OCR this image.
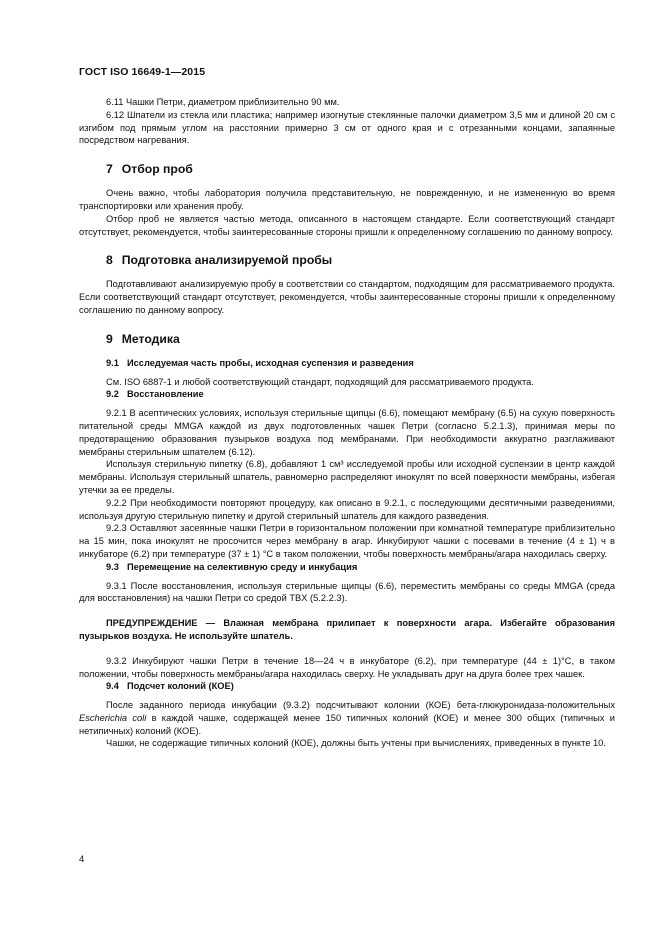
ГОСТ ISO 16649-1—2015

6.11 Чашки Петри, диаметром приблизительно 90 мм.

6.12 Шпатели из стекла или пластика; например изогнутые стеклянные палочки диаметром 3,5 мм и длиной 20 см с изгибом под прямым углом на расстоянии примерно 3 см от одного края и с отрезанными концами, запаянные посредством нагревания.

7 Отбор проб

Очень важно, чтобы лаборатория получила представительную, не поврежденную, и не измененную во время транспортировки или хранения пробу.

Отбор проб не является частью метода, описанного в настоящем стандарте. Если соответствующий стандарт отсутствует, рекомендуется, чтобы заинтересованные стороны пришли к определенному соглашению по данному вопросу.

8 Подготовка анализируемой пробы

Подготавливают анализируемую пробу в соответствии со стандартом, подходящим для рассматриваемого продукта. Если соответствующий стандарт отсутствует, рекомендуется, чтобы заинтересованные стороны пришли к определенному соглашению по данному вопросу.

9 Методика

9.1 Исследуемая часть пробы, исходная суспензия и разведения

См. ISO 6887-1 и любой соответствующий стандарт, подходящий для рассматриваемого продукта.

9.2 Восстановление

9.2.1 В асептических условиях, используя стерильные щипцы (6.6), помещают мембрану (6.5) на сухую поверхность питательной среды MMGA каждой из двух подготовленных чашек Петри (согласно 5.2.1.3), принимая меры по предотвращению образования пузырьков воздуха под мембранами. При необходимости аккуратно разглаживают мембраны стерильным шпателем (6.12).

Используя стерильную пипетку (6.8), добавляют 1 см³ исследуемой пробы или исходной суспензии в центр каждой мембраны. Используя стерильный шпатель, равномерно распределяют инокулят по всей поверхности мембраны, избегая утечки за ее пределы.

9.2.2 При необходимости повторяют процедуру, как описано в 9.2.1, с последующими десятичными разведениями, используя другую стерильную пипетку и другой стерильный шпатель для каждого разведения.

9.2.3 Оставляют засеянные чашки Петри в горизонтальном положении при комнатной температуре приблизительно на 15 мин, пока инокулят не просочится через мембрану в агар. Инкубируют чашки с посевами в течение (4 ± 1) ч в инкубаторе (6.2) при температуре (37 ± 1) °С в таком положении, чтобы поверхность мембраны/агара находилась сверху.

9.3 Перемещение на селективную среду и инкубация

9.3.1 После восстановления, используя стерильные щипцы (6.6), переместить мембраны со среды MMGA (среда для восстановления) на чашки Петри со средой TBX (5.2.2.3).

ПРЕДУПРЕЖДЕНИЕ — Влажная мембрана прилипает к поверхности агара. Избегайте образования пузырьков воздуха. Не используйте шпатель.

9.3.2 Инкубируют чашки Петри в течение 18—24 ч в инкубаторе (6.2), при температуре (44 ± 1)°С, в таком положении, чтобы поверхность мембраны/агара находилась сверху. Не укладывать друг на друга более трех чашек.

9.4 Подсчет колоний (КОЕ)

После заданного периода инкубации (9.3.2) подсчитывают колонии (КОЕ) бета-глюкуронидаза-положительных Escherichia coli в каждой чашке, содержащей менее 150 типичных колоний (КОЕ) и менее 300 общих (типичных и нетипичных) колоний (КОЕ).

Чашки, не содержащие типичных колоний (КОЕ), должны быть учтены при вычислениях, приведенных в пункте 10.

4
